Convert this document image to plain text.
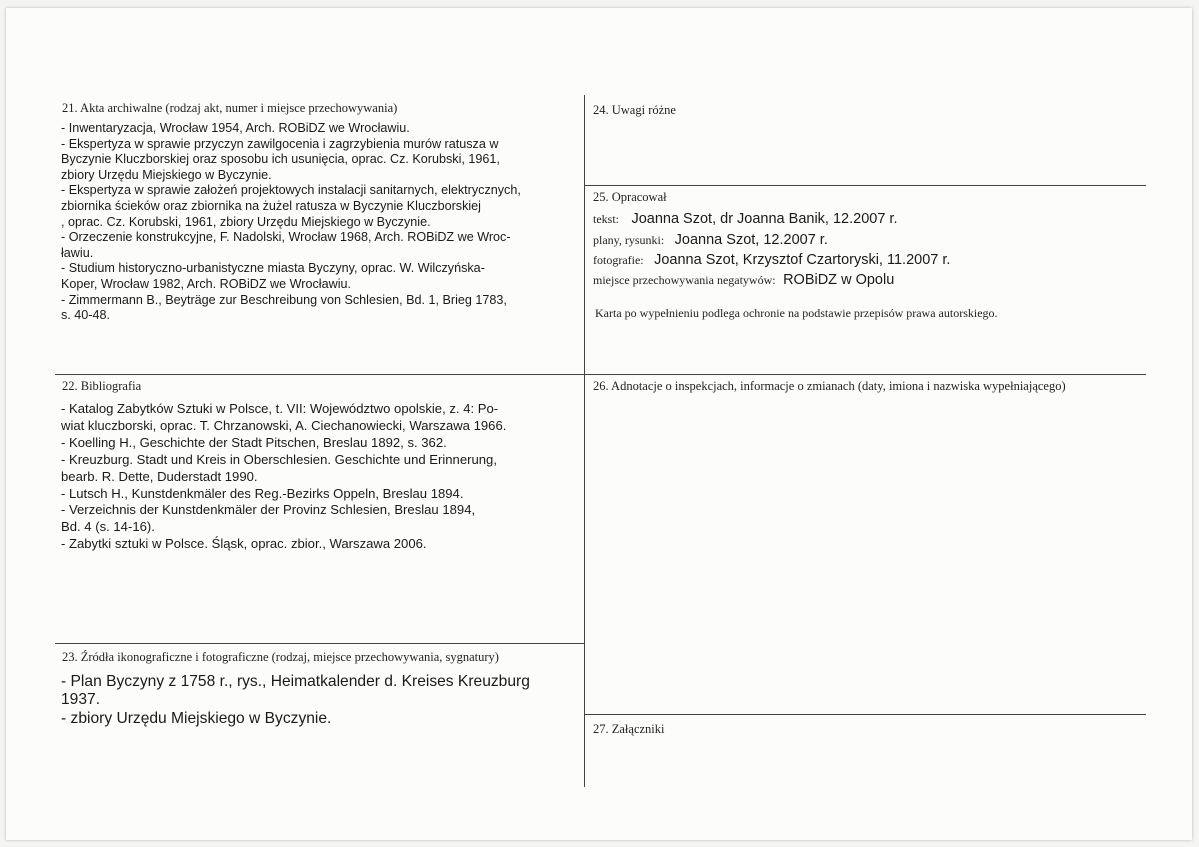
21. Akta archiwalne (rodzaj akt, numer i miejsce przechowywania)
- Inwentaryzacja, Wrocław 1954, Arch. ROBiDZ we Wrocławiu.
- Ekspertyza w sprawie przyczyn zawilgocenia i zagrzybienia murów ratusza w
Byczynie Kluczborskiej oraz sposobu ich usunięcia, oprac. Cz. Korubski, 1961,
zbiory Urzędu Miejskiego w Byczynie.
- Ekspertyza w sprawie założeń projektowych instalacji sanitarnych, elektrycznych,
zbiornika ścieków oraz zbiornika na żużel ratusza w Byczynie Kluczborskiej
, oprac. Cz. Korubski, 1961, zbiory Urzędu Miejskiego w Byczynie.
- Orzeczenie konstrukcyjne, F. Nadolski, Wrocław 1968, Arch. ROBiDZ we Wroc-
ławiu.
- Studium historyczno-urbanistyczne miasta Byczyny, oprac. W. Wilczyńska-
Koper, Wrocław 1982, Arch. ROBiDZ we Wrocławiu.
- Zimmermann B., Beyträge zur Beschreibung von Schlesien, Bd. 1, Brieg 1783,
s. 40-48.
22. Bibliografia
- Katalog Zabytków Sztuki w Polsce, t. VII: Województwo opolskie, z. 4: Po-
wiat kluczborski, oprac. T. Chrzanowski, A. Ciechanowiecki, Warszawa 1966.
- Koelling H., Geschichte der Stadt Pitschen, Breslau 1892, s. 362.
- Kreuzburg. Stadt und Kreis in Oberschlesien. Geschichte und Erinnerung,
bearb. R. Dette, Duderstadt 1990.
- Lutsch H., Kunstdenkmäler des Reg.-Bezirks Oppeln, Breslau 1894.
- Verzeichnis der Kunstdenkmäler der Provinz Schlesien, Breslau 1894,
Bd. 4 (s. 14-16).
- Zabytki sztuki w Polsce. Śląsk, oprac. zbior., Warszawa 2006.
23. Źródła ikonograficzne i fotograficzne (rodzaj, miejsce przechowywania, sygnatury)
- Plan Byczyny z 1758 r., rys., Heimatkalender d. Kreises Kreuzburg
1937.
- zbiory Urzędu Miejskiego w Byczynie.
24. Uwagi różne
25. Opracował
tekst: Joanna Szot, dr Joanna Banik, 12.2007 r.
plany, rysunki: Joanna Szot, 12.2007 r.
fotografie: Joanna Szot, Krzysztof Czartoryski, 11.2007 r.
miejsce przechowywania negatywów: ROBiDZ w Opolu
Karta po wypełnieniu podlega ochronie na podstawie przepisów prawa autorskiego.
26. Adnotacje o inspekcjach, informacje o zmianach (daty, imiona i nazwiska wypełniającego)
27. Załączniki
